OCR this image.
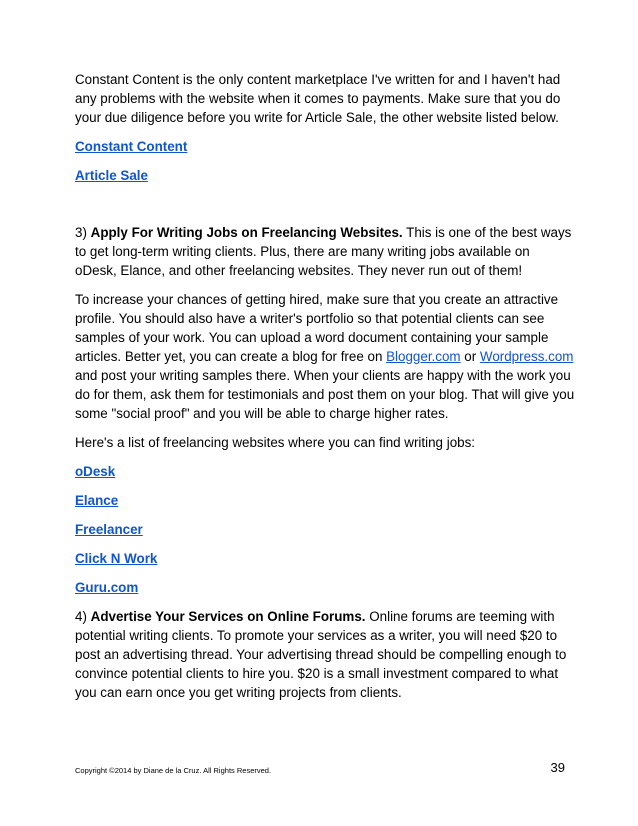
Constant Content is the only content marketplace I've written for and I haven't had any problems with the website when it comes to payments. Make sure that you do your due diligence before you write for Article Sale, the other website listed below.

Constant Content
Article Sale

3) Apply For Writing Jobs on Freelancing Websites. This is one of the best ways to get long-term writing clients. Plus, there are many writing jobs available on oDesk, Elance, and other freelancing websites. They never run out of them!

To increase your chances of getting hired, make sure that you create an attractive profile. You should also have a writer's portfolio so that potential clients can see samples of your work. You can upload a word document containing your sample articles. Better yet, you can create a blog for free on Blogger.com or Wordpress.com and post your writing samples there. When your clients are happy with the work you do for them, ask them for testimonials and post them on your blog. That will give you some "social proof" and you will be able to charge higher rates.

Here's a list of freelancing websites where you can find writing jobs:

oDesk
Elance
Freelancer
Click N Work
Guru.com

4) Advertise Your Services on Online Forums. Online forums are teeming with potential writing clients. To promote your services as a writer, you will need $20 to post an advertising thread. Your advertising thread should be compelling enough to convince potential clients to hire you. $20 is a small investment compared to what you can earn once you get writing projects from clients.

Copyright ©2014 by Diane de la Cruz. All Rights Reserved.	39
